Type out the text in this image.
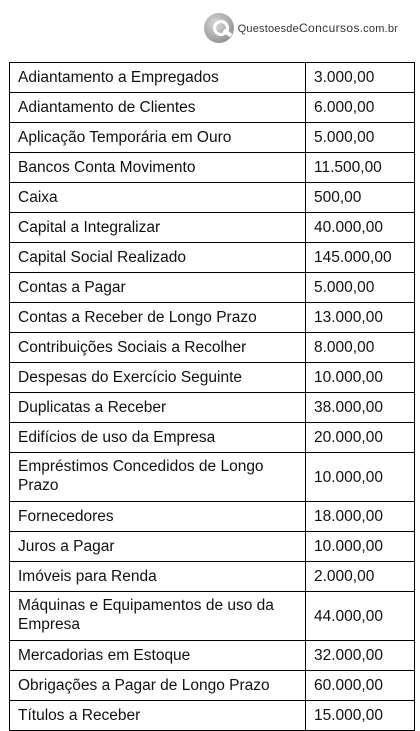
QuestoesdeConcursos.com.br
Adiantamento a Empregados	3.000,00
Adiantamento de Clientes	6.000,00
Aplicação Temporária em Ouro	5.000,00
Bancos Conta Movimento	11.500,00
Caixa	500,00
Capital a Integralizar	40.000,00
Capital Social Realizado	145.000,00
Contas a Pagar	5.000,00
Contas a Receber de Longo Prazo	13.000,00
Contribuições Sociais a Recolher	8.000,00
Despesas do Exercício Seguinte	10.000,00
Duplicatas a Receber	38.000,00
Edifícios de uso da Empresa	20.000,00
Empréstimos Concedidos de Longo Prazo	10.000,00
Fornecedores	18.000,00
Juros a Pagar	10.000,00
Imóveis para Renda	2.000,00
Máquinas e Equipamentos de uso da Empresa	44.000,00
Mercadorias em Estoque	32.000,00
Obrigações a Pagar de Longo Prazo	60.000,00
Títulos a Receber	15.000,00
